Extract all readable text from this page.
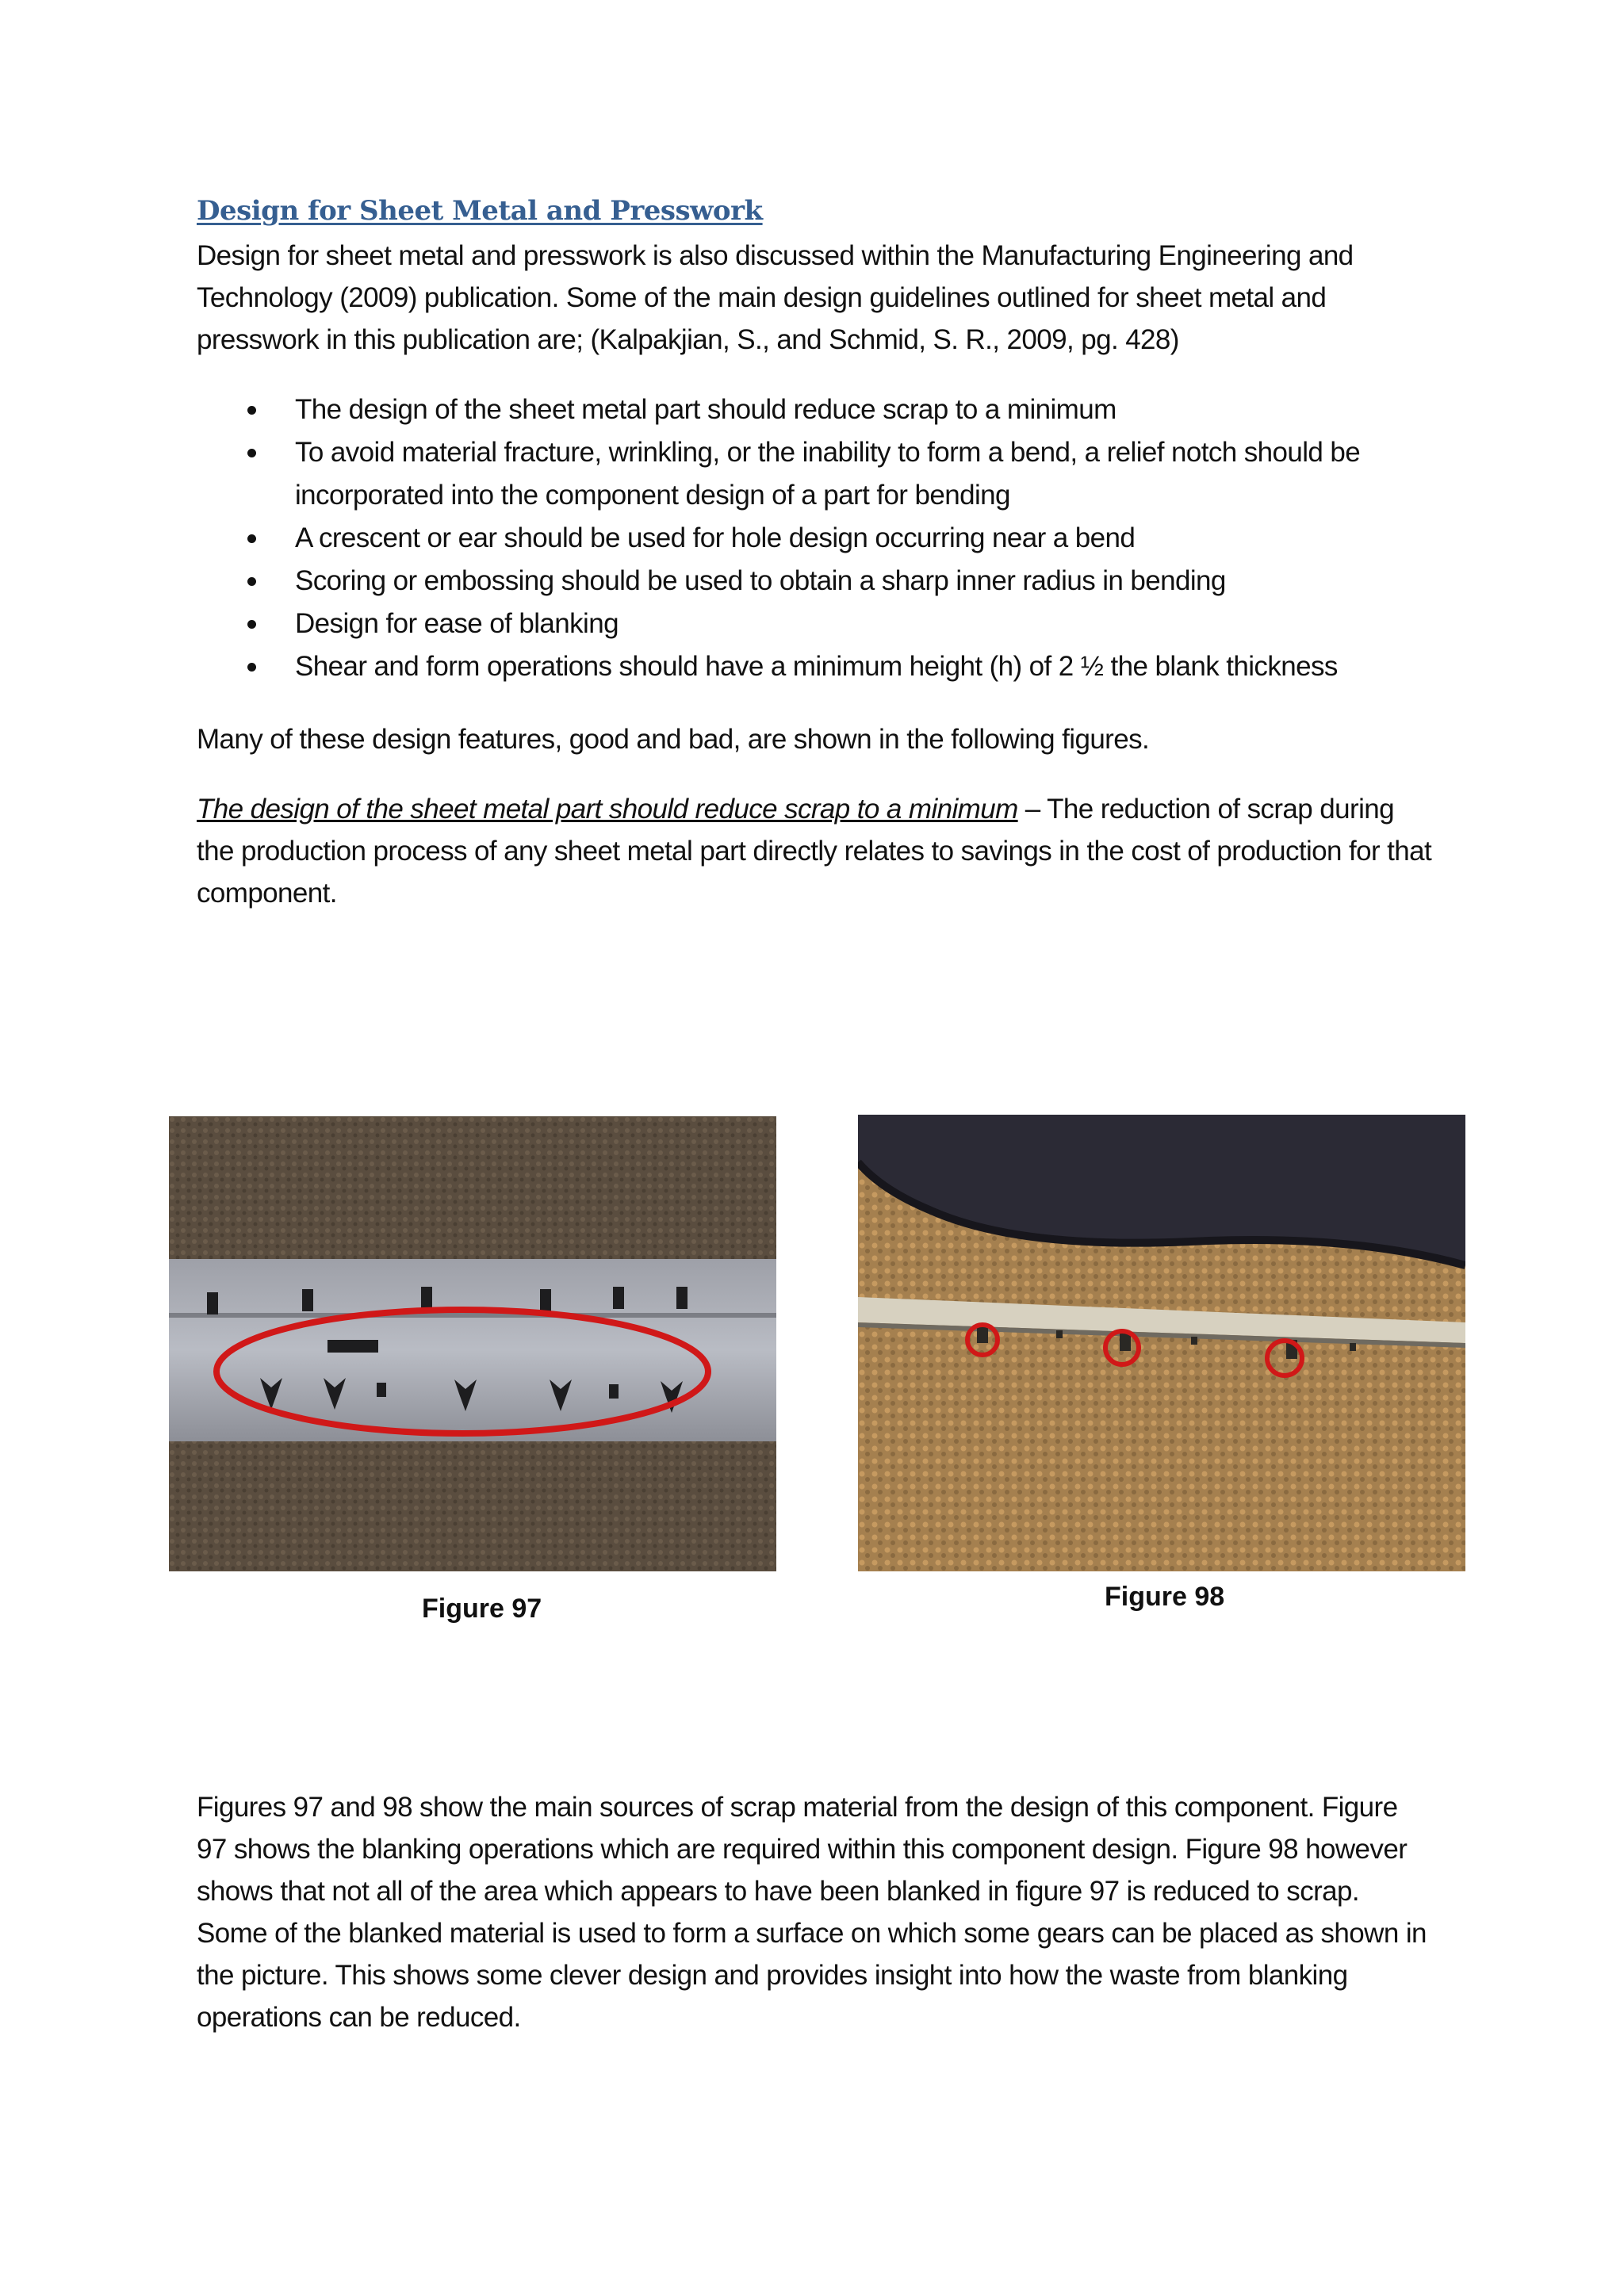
Design for Sheet Metal and Presswork

Design for sheet metal and presswork is also discussed within the Manufacturing Engineering and Technology (2009) publication. Some of the main design guidelines outlined for sheet metal and presswork in this publication are; (Kalpakjian, S., and Schmid, S. R., 2009, pg. 428)

The design of the sheet metal part should reduce scrap to a minimum
To avoid material fracture, wrinkling, or the inability to form a bend, a relief notch should be incorporated into the component design of a part for bending
A crescent or ear should be used for hole design occurring near a bend
Scoring or embossing should be used to obtain a sharp inner radius in bending
Design for ease of blanking
Shear and form operations should have a minimum height (h) of 2 ½ the blank thickness

Many of these design features, good and bad, are shown in the following figures.

The design of the sheet metal part should reduce scrap to a minimum – The reduction of scrap during the production process of any sheet metal part directly relates to savings in the cost of production for that component.

Figure 97	Figure 98

Figures 97 and 98 show the main sources of scrap material from the design of this component. Figure 97 shows the blanking operations which are required within this component design. Figure 98 however shows that not all of the area which appears to have been blanked in figure 97 is reduced to scrap. Some of the blanked material is used to form a surface on which some gears can be placed as shown in the picture. This shows some clever design and provides insight into how the waste from blanking operations can be reduced.
